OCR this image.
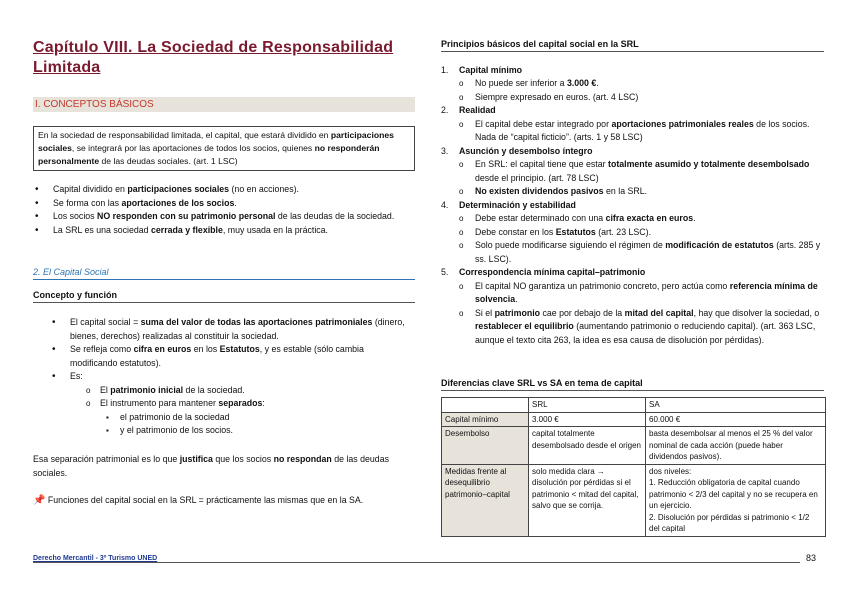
Capítulo VIII. La Sociedad de Responsabilidad Limitada
I. CONCEPTOS BÁSICOS
En la sociedad de responsabilidad limitada, el capital, que estará dividido en participaciones sociales, se integrará por las aportaciones de todos los socios, quienes no responderán personalmente de las deudas sociales. (art. 1 LSC)
• Capital dividido en participaciones sociales (no en acciones).
• Se forma con las aportaciones de los socios.
• Los socios NO responden con su patrimonio personal de las deudas de la sociedad.
• La SRL es una sociedad cerrada y flexible, muy usada en la práctica.
2. El Capital Social
Concepto y función
• El capital social = suma del valor de todas las aportaciones patrimoniales (dinero, bienes, derechos) realizadas al constituir la sociedad.
• Se refleja como cifra en euros en los Estatutos, y es estable (sólo cambia modificando estatutos).
• Es:
o El patrimonio inicial de la sociedad.
o El instrumento para mantener separados:
▪ el patrimonio de la sociedad
▪ y el patrimonio de los socios.
Esa separación patrimonial es lo que justifica que los socios no respondan de las deudas sociales.
📌 Funciones del capital social en la SRL = prácticamente las mismas que en la SA.
Principios básicos del capital social en la SRL
1. Capital mínimo
o No puede ser inferior a 3.000 €.
o Siempre expresado en euros. (art. 4 LSC)
2. Realidad
o El capital debe estar integrado por aportaciones patrimoniales reales de los socios. Nada de “capital ficticio”. (arts. 1 y 58 LSC)
3. Asunción y desembolso íntegro
o En SRL: el capital tiene que estar totalmente asumido y totalmente desembolsado desde el principio. (art. 78 LSC)
o No existen dividendos pasivos en la SRL.
4. Determinación y estabilidad
o Debe estar determinado con una cifra exacta en euros.
o Debe constar en los Estatutos (art. 23 LSC).
o Solo puede modificarse siguiendo el régimen de modificación de estatutos (arts. 285 y ss. LSC).
5. Correspondencia mínima capital–patrimonio
o El capital NO garantiza un patrimonio concreto, pero actúa como referencia mínima de solvencia.
o Si el patrimonio cae por debajo de la mitad del capital, hay que disolver la sociedad, o restablecer el equilibrio (aumentando patrimonio o reduciendo capital). (art. 363 LSC, aunque el texto cita 263, la idea es esa causa de disolución por pérdidas).
Diferencias clave SRL vs SA en tema de capital
	SRL	SA
Capital mínimo	3.000 €	60.000 €
Desembolso	capital totalmente desembolsado desde el origen	basta desembolsar al menos el 25 % del valor nominal de cada acción (puede haber dividendos pasivos).
Medidas frente al desequilibrio patrimonio–capital	solo medida clara → disolución por pérdidas si el patrimonio < mitad del capital, salvo que se corrija.	dos niveles:
1. Reducción obligatoria de capital cuando patrimonio < 2/3 del capital y no se recupera en un ejercicio.
2. Disolución por pérdidas si patrimonio < 1/2 del capital
Derecho Mercantil - 3º Turismo UNED	83
